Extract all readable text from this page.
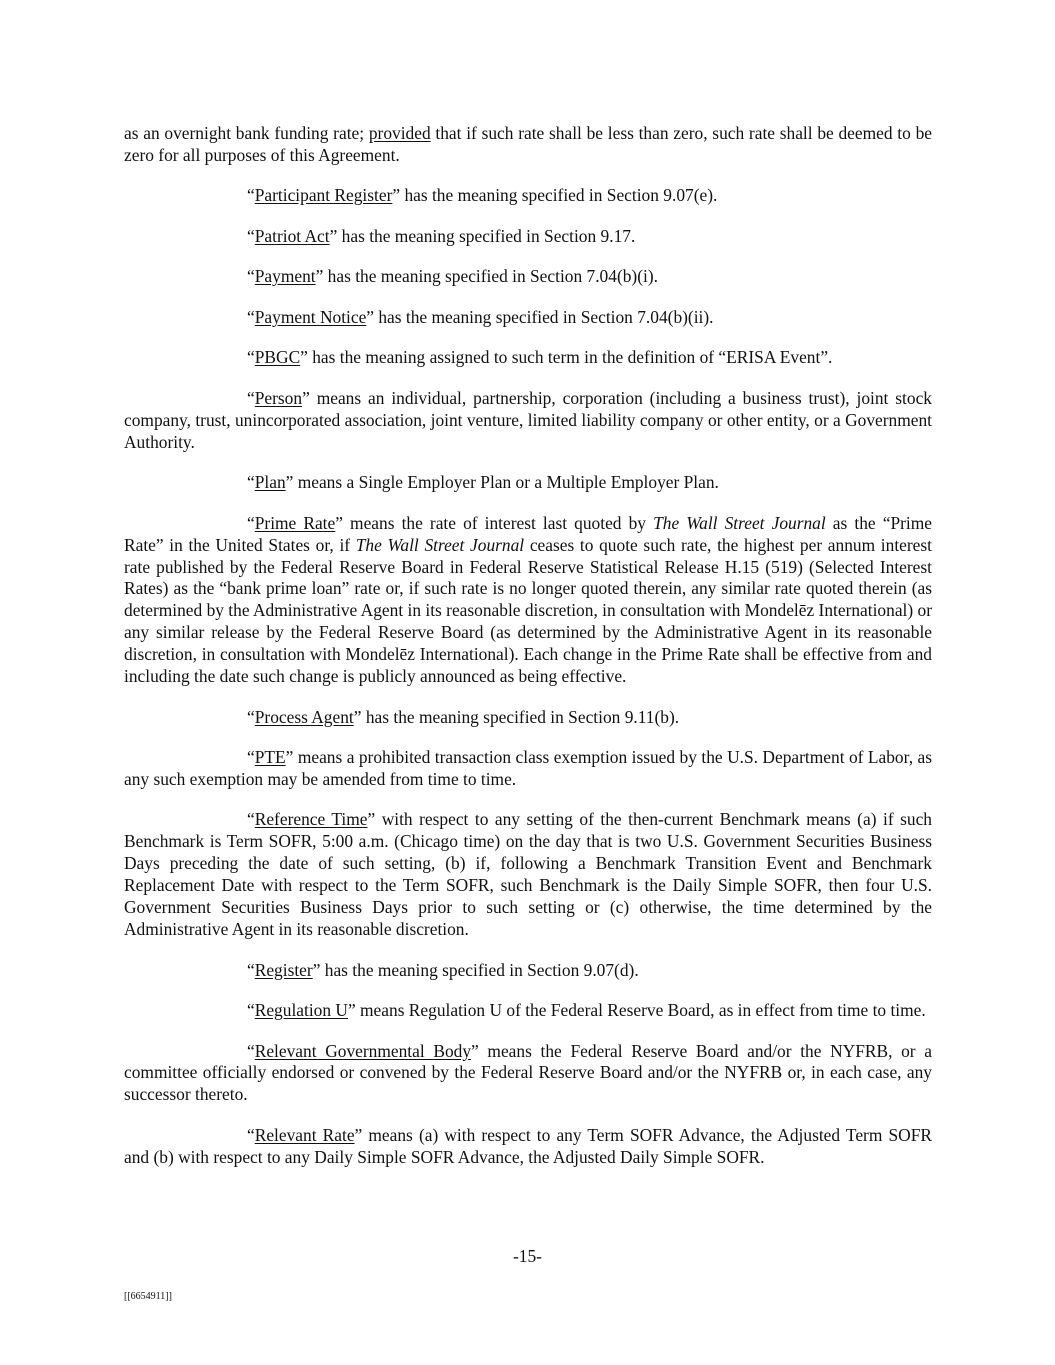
as an overnight bank funding rate; provided that if such rate shall be less than zero, such rate shall be deemed to be zero for all purposes of this Agreement.

“Participant Register” has the meaning specified in Section 9.07(e).

“Patriot Act” has the meaning specified in Section 9.17.

“Payment” has the meaning specified in Section 7.04(b)(i).

“Payment Notice” has the meaning specified in Section 7.04(b)(ii).

“PBGC” has the meaning assigned to such term in the definition of “ERISA Event”.

“Person” means an individual, partnership, corporation (including a business trust), joint stock company, trust, unincorporated association, joint venture, limited liability company or other entity, or a Government Authority.

“Plan” means a Single Employer Plan or a Multiple Employer Plan.

“Prime Rate” means the rate of interest last quoted by The Wall Street Journal as the “Prime Rate” in the United States or, if The Wall Street Journal ceases to quote such rate, the highest per annum interest rate published by the Federal Reserve Board in Federal Reserve Statistical Release H.15 (519) (Selected Interest Rates) as the “bank prime loan” rate or, if such rate is no longer quoted therein, any similar rate quoted therein (as determined by the Administrative Agent in its reasonable discretion, in consultation with Mondelēz International) or any similar release by the Federal Reserve Board (as determined by the Administrative Agent in its reasonable discretion, in consultation with Mondelēz International). Each change in the Prime Rate shall be effective from and including the date such change is publicly announced as being effective.

“Process Agent” has the meaning specified in Section 9.11(b).

“PTE” means a prohibited transaction class exemption issued by the U.S. Department of Labor, as any such exemption may be amended from time to time.

“Reference Time” with respect to any setting of the then-current Benchmark means (a) if such Benchmark is Term SOFR, 5:00 a.m. (Chicago time) on the day that is two U.S. Government Securities Business Days preceding the date of such setting, (b) if, following a Benchmark Transition Event and Benchmark Replacement Date with respect to the Term SOFR, such Benchmark is the Daily Simple SOFR, then four U.S. Government Securities Business Days prior to such setting or (c) otherwise, the time determined by the Administrative Agent in its reasonable discretion.

“Register” has the meaning specified in Section 9.07(d).

“Regulation U” means Regulation U of the Federal Reserve Board, as in effect from time to time.

“Relevant Governmental Body” means the Federal Reserve Board and/or the NYFRB, or a committee officially endorsed or convened by the Federal Reserve Board and/or the NYFRB or, in each case, any successor thereto.

“Relevant Rate” means (a) with respect to any Term SOFR Advance, the Adjusted Term SOFR and (b) with respect to any Daily Simple SOFR Advance, the Adjusted Daily Simple SOFR.

-15-
[[6654911]]
